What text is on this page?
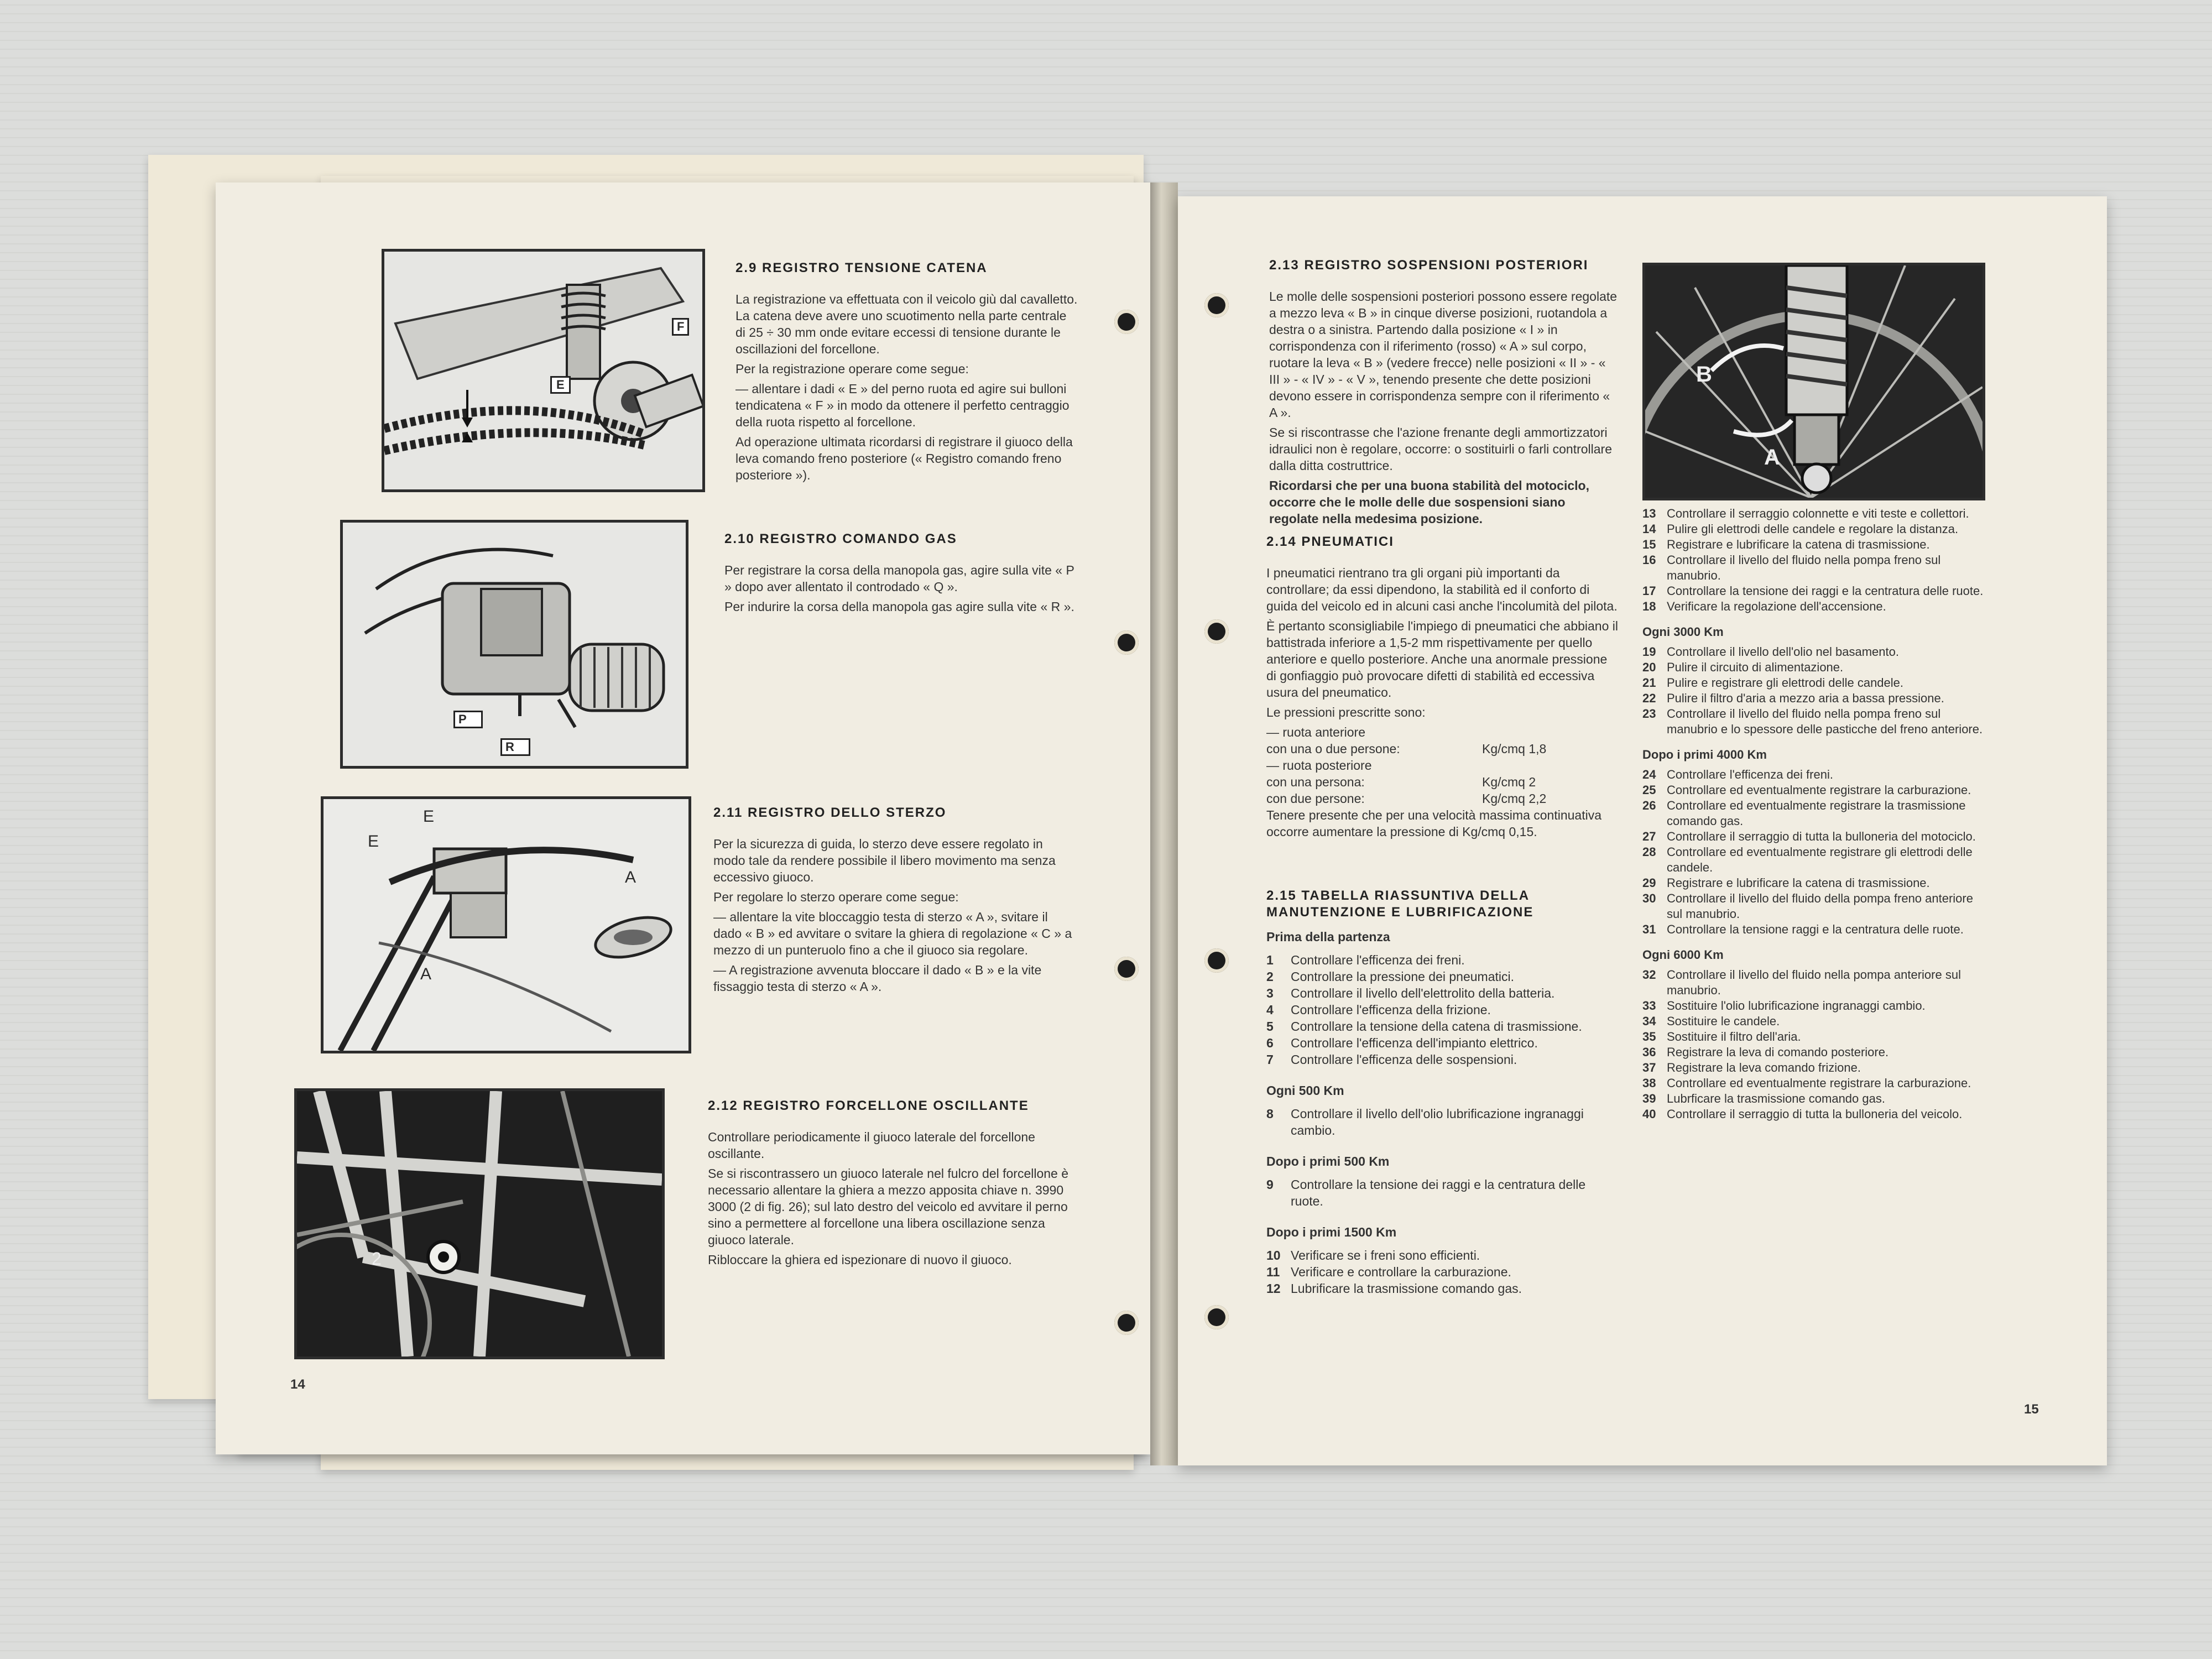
E
F
P
R
E
E
A
A
2
2.9 REGISTRO TENSIONE CATENA

La registrazione va effettuata con il veicolo giù dal cavalletto. La catena deve avere uno scuotimento nella parte centrale di 25 ÷ 30 mm onde evitare eccessi di tensione durante le oscillazioni del forcellone.

Per la registrazione operare come segue:

— allentare i dadi « E » del perno ruota ed agire sui bulloni tendicatena « F » in modo da ottenere il perfetto centraggio della ruota rispetto al forcellone.

Ad operazione ultimata ricordarsi di registrare il giuoco della leva comando freno posteriore (« Registro comando freno posteriore »).

2.10 REGISTRO COMANDO GAS

Per registrare la corsa della manopola gas, agire sulla vite « P » dopo aver allentato il controdado « Q ».

Per indurire la corsa della manopola gas agire sulla vite « R ».

2.11 REGISTRO DELLO STERZO

Per la sicurezza di guida, lo sterzo deve essere regolato in modo tale da rendere possibile il libero movimento ma senza eccessivo giuoco.

Per regolare lo sterzo operare come segue:

— allentare la vite bloccaggio testa di sterzo « A », svitare il dado « B » ed avvitare o svitare la ghiera di regolazione « C » a mezzo di un punteruolo fino a che il giuoco sia regolare.

— A registrazione avvenuta bloccare il dado « B » e la vite fissaggio testa di sterzo « A ».

2.12 REGISTRO FORCELLONE OSCILLANTE

Controllare periodicamente il giuoco laterale del forcellone oscillante.

Se si riscontrassero un giuoco laterale nel fulcro del forcellone è necessario allentare la ghiera a mezzo apposita chiave n. 3990 3000 (2 di fig. 26); sul lato destro del veicolo ed avvitare il perno sino a permettere al forcellone una libera oscillazione senza giuoco laterale.

Ribloccare la ghiera ed ispezionare di nuovo il giuoco.

14
B
A
2.13 REGISTRO SOSPENSIONI POSTERIORI

Le molle delle sospensioni posteriori possono essere regolate a mezzo leva « B » in cinque diverse posizioni, ruotandola a destra o a sinistra. Partendo dalla posizione « I » in corrispondenza con il riferimento (rosso) « A » sul corpo, ruotare la leva « B » (vedere frecce) nelle posizioni « II » - « III » - « IV » - « V », tenendo presente che dette posizioni devono essere in corrispondenza sempre con il riferimento « A ».

Se si riscontrasse che l'azione frenante degli ammortizzatori idraulici non è regolare, occorre: o sostituirli o farli controllare dalla ditta costruttrice.

Ricordarsi che per una buona stabilità del motociclo, occorre che le molle delle due sospensioni siano regolate nella medesima posizione.

2.14 PNEUMATICI

I pneumatici rientrano tra gli organi più importanti da controllare; da essi dipendono, la stabilità ed il conforto di guida del veicolo ed in alcuni casi anche l'incolumità del pilota.

È pertanto sconsigliabile l'impiego di pneumatici che abbiano il battistrada inferiore a 1,5-2 mm rispettivamente per quello anteriore e quello posteriore. Anche una anormale pressione di gonfiaggio può provocare difetti di stabilità ed eccessiva usura del pneumatico.

Le pressioni prescritte sono:

— ruota anteriore
con una o due persone:	Kg/cmq 1,8
— ruota posteriore
con una persona:	Kg/cmq 2
con due persone:	Kg/cmq 2,2

Tenere presente che per una velocità massima continuativa occorre aumentare la pressione di Kg/cmq 0,15.

2.15 TABELLA RIASSUNTIVA DELLA MANUTENZIONE E LUBRIFICAZIONE
Prima della partenza
1	Controllare l'efficenza dei freni.
2	Controllare la pressione dei pneumatici.
3	Controllare il livello dell'elettrolito della batteria.
4	Controllare l'efficenza della frizione.
5	Controllare la tensione della catena di trasmissione.
6	Controllare l'efficenza dell'impianto elettrico.
7	Controllare l'efficenza delle sospensioni.
Ogni 500 Km
8	Controllare il livello dell'olio lubrificazione ingranaggi cambio.
Dopo i primi 500 Km
9	Controllare la tensione dei raggi e la centratura delle ruote.
Dopo i primi 1500 Km
10 Verificare se i freni sono efficienti.
11 Verificare e controllare la carburazione.
12 Lubrificare la trasmissione comando gas.
13 Controllare il serraggio colonnette e viti teste e collettori.
14 Pulire gli elettrodi delle candele e regolare la distanza.
15 Registrare e lubrificare la catena di trasmissione.
16 Controllare il livello del fluido nella pompa freno sul manubrio.
17 Controllare la tensione dei raggi e la centratura delle ruote.
18 Verificare la regolazione dell'accensione.
Ogni 3000 Km
19 Controllare il livello dell'olio nel basamento.
20 Pulire il circuito di alimentazione.
21 Pulire e registrare gli elettrodi delle candele.
22 Pulire il filtro d'aria a mezzo aria a bassa pressione.
23 Controllare il livello del fluido nella pompa freno sul manubrio e lo spessore delle pasticche del freno anteriore.
Dopo i primi 4000 Km
24 Controllare l'efficenza dei freni.
25 Controllare ed eventualmente registrare la carburazione.
26 Controllare ed eventualmente registrare la trasmissione comando gas.
27 Controllare il serraggio di tutta la bulloneria del motociclo.
28 Controllare ed eventualmente registrare gli elettrodi delle candele.
29 Registrare e lubrificare la catena di trasmissione.
30 Controllare il livello del fluido della pompa freno anteriore sul manubrio.
31 Controllare la tensione raggi e la centratura delle ruote.
Ogni 6000 Km
32 Controllare il livello del fluido nella pompa anteriore sul manubrio.
33 Sostituire l'olio lubrificazione ingranaggi cambio.
34 Sostituire le candele.
35 Sostituire il filtro dell'aria.
36 Registrare la leva di comando posteriore.
37 Registrare la leva comando frizione.
38 Controllare ed eventualmente registrare la carburazione.
39 Lubrficare la trasmissione comando gas.
40 Controllare il serraggio di tutta la bulloneria del veicolo.
15
